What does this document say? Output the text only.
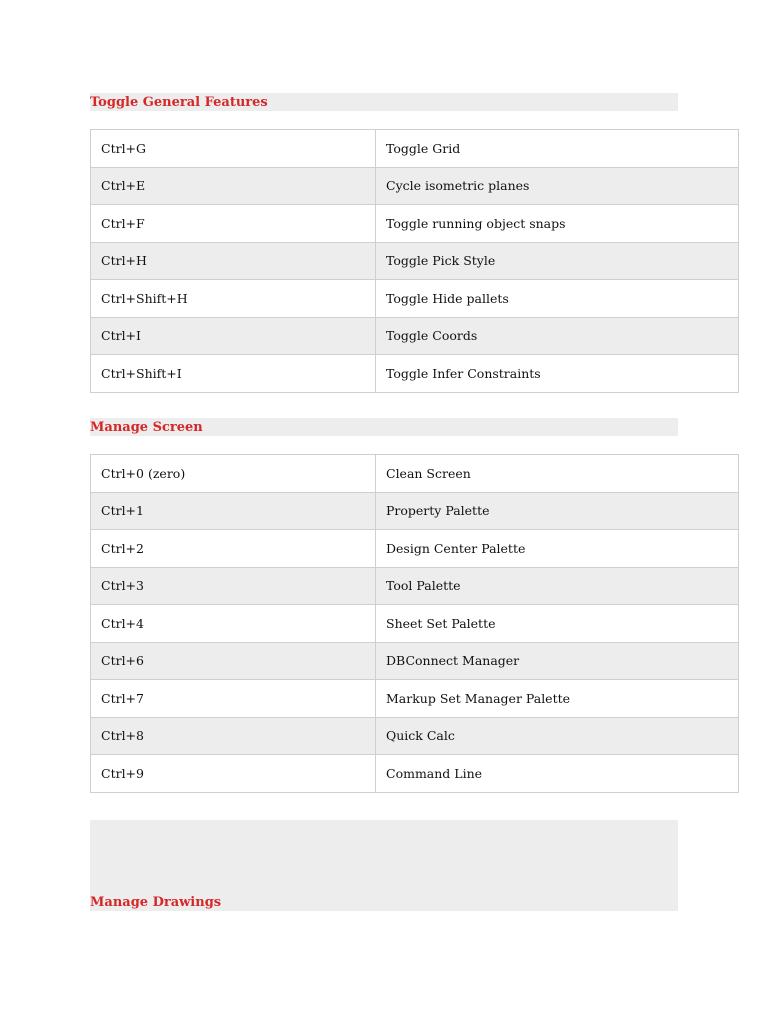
Toggle General Features
Ctrl+G	Toggle Grid
Ctrl+E	Cycle isometric planes
Ctrl+F	Toggle running object snaps
Ctrl+H	Toggle Pick Style
Ctrl+Shift+H	Toggle Hide pallets
Ctrl+I	Toggle Coords
Ctrl+Shift+I	Toggle Infer Constraints
Manage Screen
Ctrl+0 (zero)	Clean Screen
Ctrl+1	Property Palette
Ctrl+2	Design Center Palette
Ctrl+3	Tool Palette
Ctrl+4	Sheet Set Palette
Ctrl+6	DBConnect Manager
Ctrl+7	Markup Set Manager Palette
Ctrl+8	Quick Calc
Ctrl+9	Command Line
Manage Drawings
